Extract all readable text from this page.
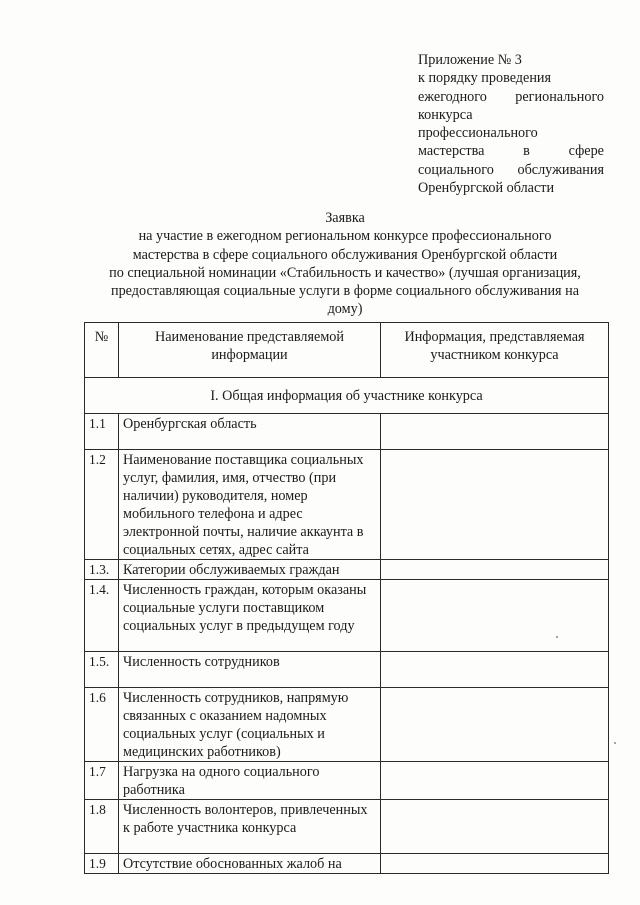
Приложение № 3
к порядку проведения
ежегодного регионального
конкурса
профессионального
мастерства в сфере
социального обслуживания
Оренбургской области
Заявка
на участие в ежегодном региональном конкурсе профессионального
мастерства в сфере социального обслуживания Оренбургской области
по специальной номинации «Стабильность и качество» (лучшая организация,
предоставляющая социальные услуги в форме социального обслуживания на
дому)
№	Наименование представляемой информации	Информация, представляемая участником конкурса
I. Общая информация об участнике конкурса		
1.1	Оренбургская область	
1.2	Наименование поставщика социальных услуг, фамилия, имя, отчество (при наличии) руководителя, номер мобильного телефона и адрес электронной почты, наличие аккаунта в социальных сетях, адрес сайта	
1.3.	Категории обслуживаемых граждан	
1.4.	Численность граждан, которым оказаны социальные услуги поставщиком социальных услуг в предыдущем году	
1.5.	Численность сотрудников	
1.6	Численность сотрудников, напрямую связанных с оказанием надомных социальных услуг (социальных и медицинских работников)	
1.7	Нагрузка на одного социального работника	
1.8	Численность волонтеров, привлеченных к работе участника конкурса	
1.9	Отсутствие обоснованных жалоб на	
